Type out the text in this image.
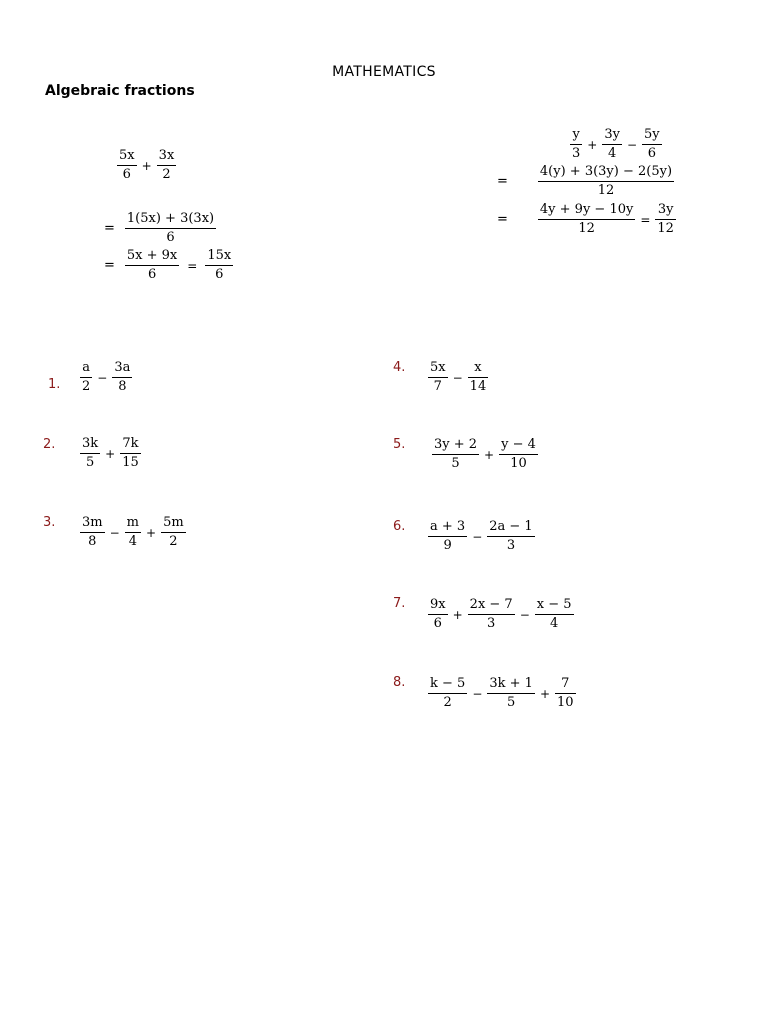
MATHEMATICS
Algebraic fractions
$\frac{5x}{6} + \frac{3x}{2}$
= $\frac{1(5x) + 3(3x)}{6}$
= $\frac{5x + 9x}{6} = \frac{15x}{6}$
$\frac{y}{3} + \frac{3y}{4} - \frac{5y}{6}$
= $\frac{4(y) + 3(3y) - 2(5y)}{12}$
= $\frac{4y + 9y - 10y}{12} = \frac{3y}{12}$
1. $\frac{a}{2} - \frac{3a}{8}$
2. $\frac{3k}{5} + \frac{7k}{15}$
3. $\frac{3m}{8} - \frac{m}{4} + \frac{5m}{2}$
4. $\frac{5x}{7} - \frac{x}{14}$
5. $\frac{3y + 2}{5} + \frac{y - 4}{10}$
6. $\frac{a + 3}{9} - \frac{2a - 1}{3}$
7. $\frac{9x}{6} + \frac{2x - 7}{3} - \frac{x - 5}{4}$
8. $\frac{k - 5}{2} - \frac{3k + 1}{5} + \frac{7}{10}$
